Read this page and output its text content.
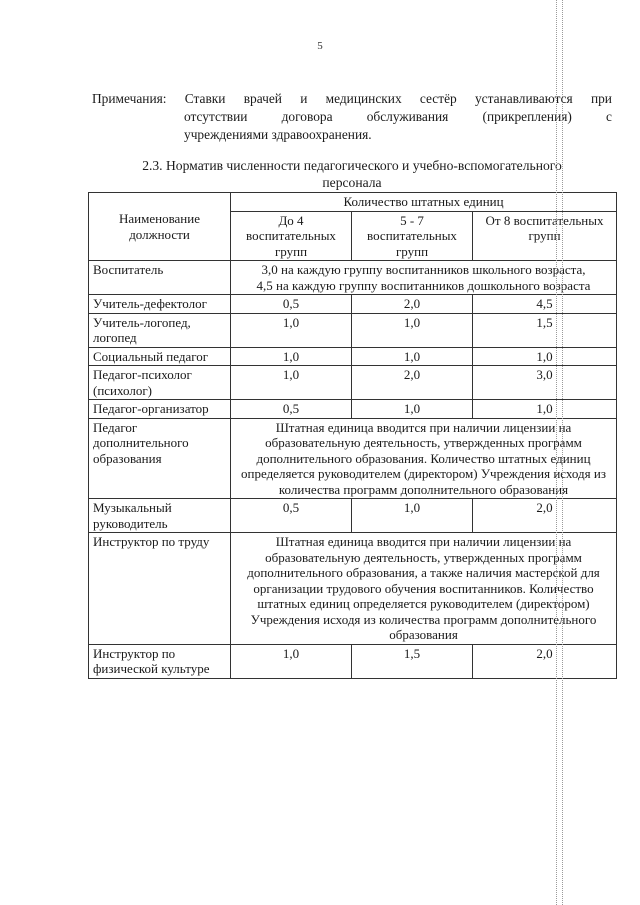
5
Примечания: Ставки врачей и медицинских сестёр устанавливаются при
отсутствии	договора	обслуживания	(прикрепления)	с
учреждениями здравоохранения.
2.3. Норматив численности педагогического и учебно-вспомогательного
персонала
Наименование должности	Количество штатных единиц		
	До 4 воспитательных групп	5 - 7 воспитательных групп	От 8 воспитательных групп
Воспитатель	3,0 на каждую группу воспитанников школьного возраста,
4,5 на каждую группу воспитанников дошкольного возраста		

Учитель-дефектолог	0,5	2,0	4,5
Учитель-логопед, логопед	1,0	1,0	1,5
Социальный педагог	1,0	1,0	1,0
Педагог-психолог (психолог)	1,0	2,0	3,0
Педагог-организатор	0,5	1,0	1,0
Педагог дополнительного образования	Штатная единица вводится при наличии лицензии на образовательную деятельность, утвержденных программ дополнительного образования. Количество штатных единиц определяется руководителем (директором) Учреждения исходя из количества программ дополнительного образования		
Музыкальный руководитель	0,5	1,0	2,0
Инструктор по труду	Штатная единица вводится при наличии лицензии на образовательную деятельность, утвержденных программ дополнительного образования, а также наличия мастерской для организации трудового обучения воспитанников. Количество штатных единиц определяется руководителем (директором) Учреждения исходя из количества программ дополнительного образования		
Инструктор по физической культуре	1,0	1,5	2,0
